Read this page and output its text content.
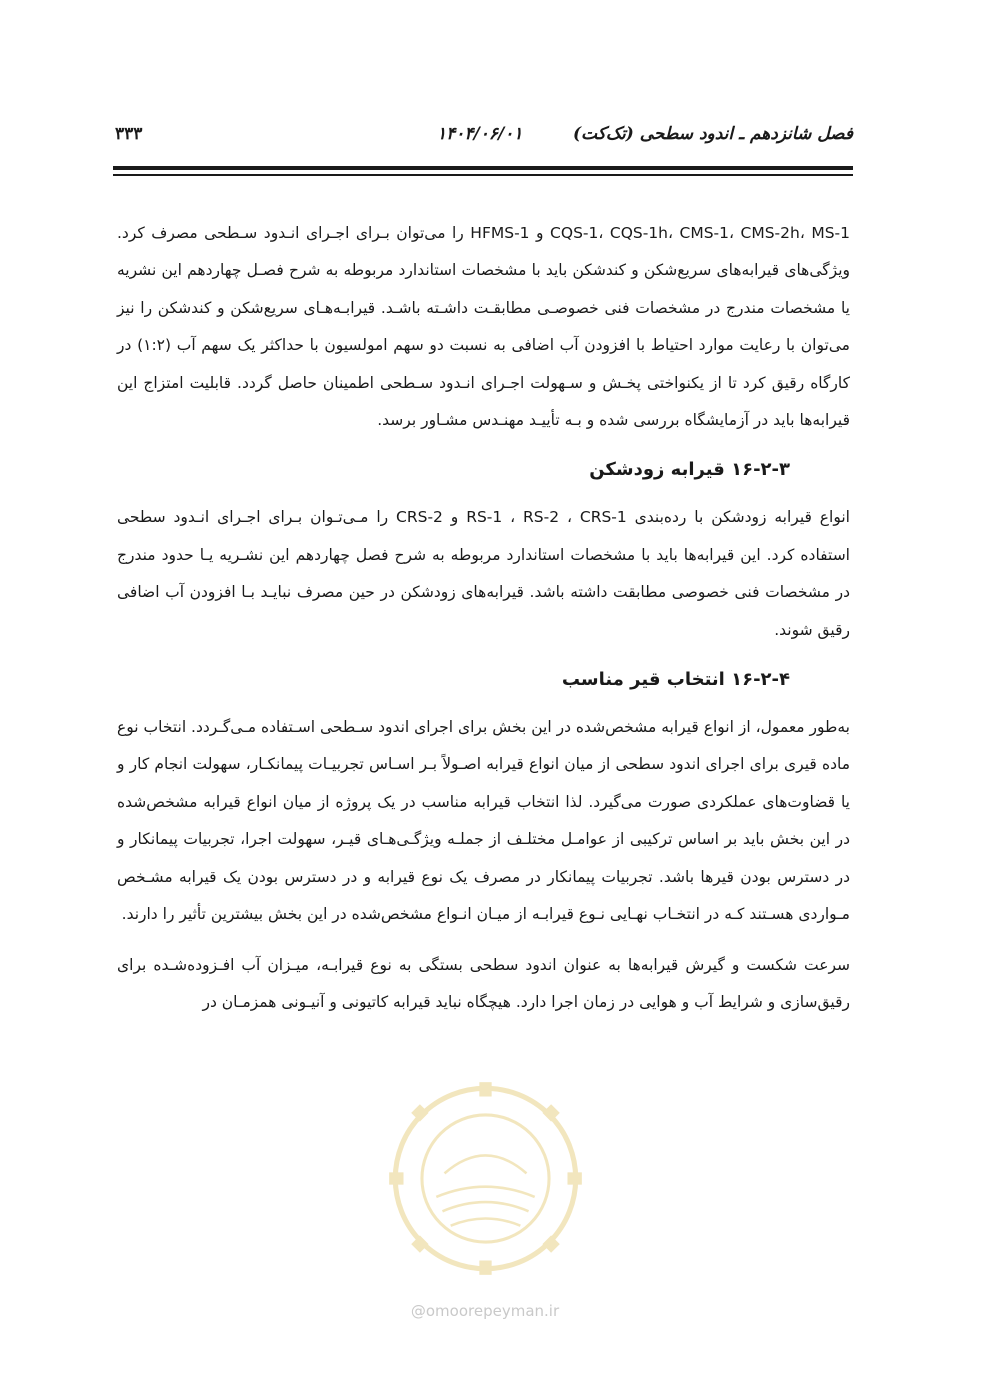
فصل شانزدهم ـ اندود سطحی (تک‌کت)
۱۴۰۴/۰۶/۰۱
۳۳۳

CQS-1، CQS-1h، CMS-1، CMS-2h، MS-1 و HFMS-1 را می‌توان بـرای اجـرای انـدود سـطحی مصرف کرد. ویژگی‌های قیرابه‌های سریع‌شکن و کندشکن باید با مشخصات استاندارد مربوطه به شرح فصـل چهاردهم این نشریه یا مشخصات مندرج در مشخصات فنی خصوصـی مطابقـت داشـته باشـد. قیرابـه‌هـای سریع‌شکن و کندشکن را نیز می‌توان با رعایت موارد احتیاط با افزودن آب اضافی به نسبت دو سهم امولسیون با حداکثر یک سهم آب (۱:۲) در کارگاه رقیق کرد تا از یکنواختی پخـش و سـهولت اجـرای انـدود سـطحی اطمینان حاصل گردد. قابلیت امتزاج این قیرابه‌ها باید در آزمایشگاه بررسی شده و بـه تأییـد مهنـدس مشـاور برسد.

۱۶-۲-۳ قیرابه زودشکن

انواع قیرابه زودشکن با رده‌بندی RS-1 ، RS-2 ، CRS-1 و CRS-2 را مـی‌تـوان بـرای اجـرای انـدود سطحی استفاده کرد. این قیرابه‌ها باید با مشخصات استاندارد مربوطه به شرح فصل چهاردهم این نشـریه یـا حدود مندرج در مشخصات فنی خصوصی مطابقت داشته باشد. قیرابه‌های زودشکن در حین مصرف نبایـد بـا افزودن آب اضافی رقیق شوند.

۱۶-۲-۴ انتخاب قیر مناسب

به‌طور معمول، از انواع قیرابه مشخص‌شده در این بخش برای اجرای اندود سـطحی اسـتفاده مـی‌گـردد. انتخاب نوع ماده قیری برای اجرای اندود سطحی از میان انواع قیرابه اصـولاً بـر اسـاس تجربیـات پیمانکـار، سهولت انجام کار و یا قضاوت‌های عملکردی صورت می‌گیرد. لذا انتخاب قیرابه مناسب در یک پروژه از میان انواع قیرابه مشخص‌شده در این بخش باید بر اساس ترکیبی از عوامـل مختلـف از جملـه ویژگـی‌هـای قیـر، سهولت اجرا، تجربیات پیمانکار و در دسترس بودن قیرها باشد. تجربیات پیمانکار در مصرف یک نوع قیرابه و در دسترس بودن یک قیرابه مشـخص مـواردی هسـتند کـه در انتخـاب نهـایی نـوع قیرابـه از میـان انـواع مشخص‌شده در این بخش بیشترین تأثیر را دارند.

سرعت شکست و گیرش قیرابه‌ها به عنوان اندود سطحی بستگی به نوع قیرابـه، میـزان آب افـزوده‌شـده برای رقیق‌سازی و شرایط آب و هوایی در زمان اجرا دارد. هیچگاه نباید قیرابه کاتیونی و آنیـونی همزمـان در

@omoorepeyman.ir
